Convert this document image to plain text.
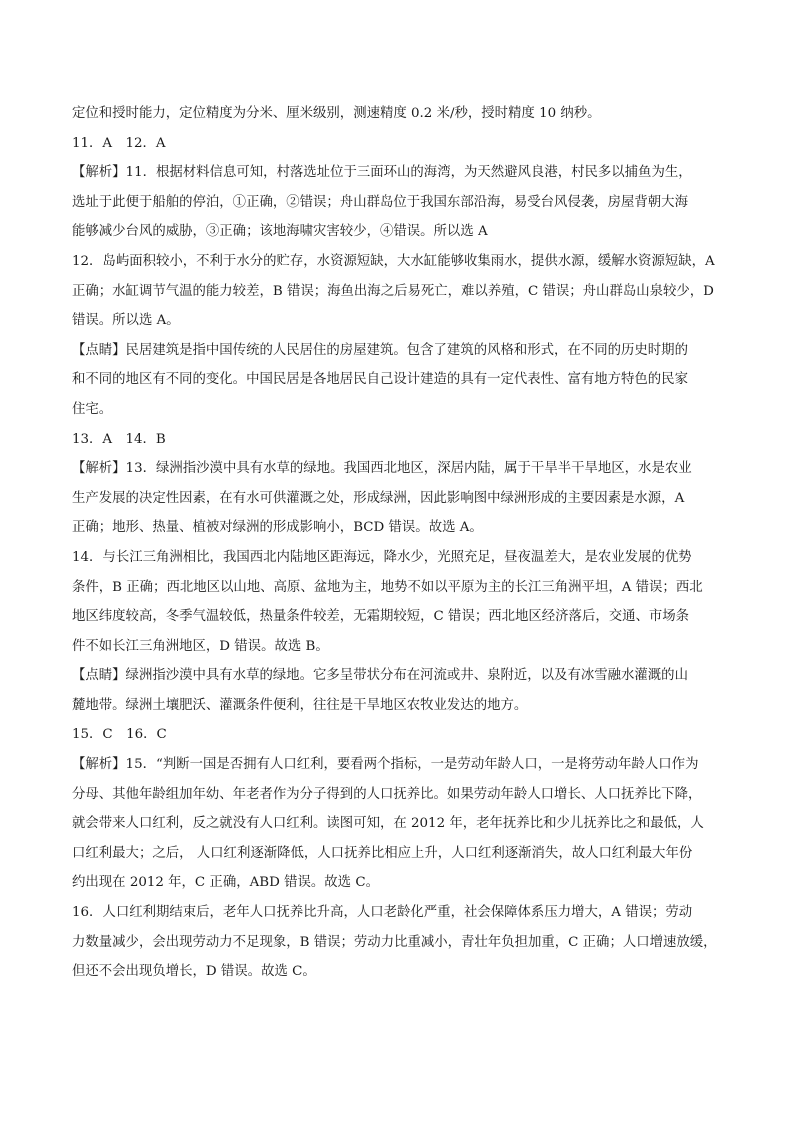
定位和授时能力，定位精度为分米、厘米级别，测速精度 0.2 米/秒，授时精度 10 纳秒。
11．A　12．A
【解析】11．根据材料信息可知，村落选址位于三面环山的海湾，为天然避风良港，村民多以捕鱼为生，
选址于此便于船舶的停泊，①正确，②错误；舟山群岛位于我国东部沿海，易受台风侵袭，房屋背朝大海
能够减少台风的威胁，③正确；该地海啸灾害较少，④错误。所以选 A
12．岛屿面积较小，不利于水分的贮存，水资源短缺，大水缸能够收集雨水，提供水源，缓解水资源短缺，A
正确；水缸调节气温的能力较差，B 错误；海鱼出海之后易死亡，难以养殖，C 错误；舟山群岛山泉较少，D
错误。所以选 A。
【点睛】民居建筑是指中国传统的人民居住的房屋建筑。包含了建筑的风格和形式，在不同的历史时期的
和不同的地区有不同的变化。中国民居是各地居民自己设计建造的具有一定代表性、富有地方特色的民家
住宅。
13．A　14．B
【解析】13．绿洲指沙漠中具有水草的绿地。我国西北地区，深居内陆，属于干旱半干旱地区，水是农业
生产发展的决定性因素，在有水可供灌溉之处，形成绿洲，因此影响图中绿洲形成的主要因素是水源，A
正确；地形、热量、植被对绿洲的形成影响小，BCD 错误。故选 A。
14．与长江三角洲相比，我国西北内陆地区距海远，降水少，光照充足，昼夜温差大，是农业发展的优势
条件，B 正确；西北地区以山地、高原、盆地为主，地势不如以平原为主的长江三角洲平坦，A 错误；西北
地区纬度较高，冬季气温较低，热量条件较差，无霜期较短，C 错误；西北地区经济落后，交通、市场条
件不如长江三角洲地区，D 错误。故选 B。
【点睛】绿洲指沙漠中具有水草的绿地。它多呈带状分布在河流或井、泉附近，以及有冰雪融水灌溉的山
麓地带。绿洲土壤肥沃、灌溉条件便利，往往是干旱地区农牧业发达的地方。
15．C　16．C
【解析】15．“判断一国是否拥有人口红利，要看两个指标，一是劳动年龄人口，一是将劳动年龄人口作为
分母、其他年龄组加年幼、年老者作为分子得到的人口抚养比。如果劳动年龄人口增长、人口抚养比下降，
就会带来人口红利，反之就没有人口红利。读图可知，在 2012 年，老年抚养比和少儿抚养比之和最低，人
口红利最大；之后， 人口红利逐渐降低，人口抚养比相应上升，人口红利逐渐消失，故人口红利最大年份
约出现在 2012 年，C 正确，ABD 错误。故选 C。
16．人口红利期结束后，老年人口抚养比升高，人口老龄化严重，社会保障体系压力增大，A 错误；劳动
力数量减少，会出现劳动力不足现象，B 错误；劳动力比重减小，青壮年负担加重，C 正确；人口增速放缓，
但还不会出现负增长，D 错误。故选 C。
